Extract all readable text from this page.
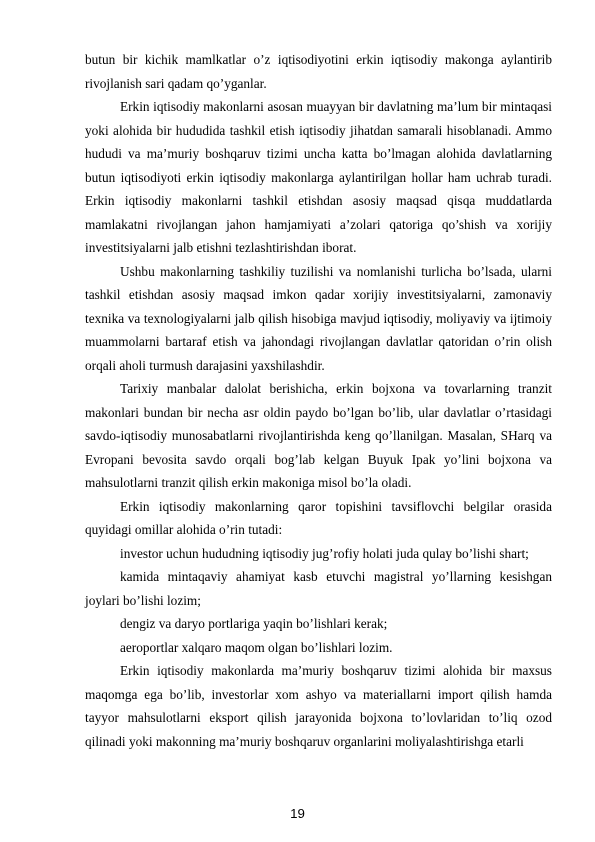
butun bir kichik mamlkatlar o’z iqtisodiyotini erkin iqtisodiy makonga aylantirib rivojlanish sari qadam qo’yganlar.

Erkin iqtisodiy makonlarni asosan muayyan bir davlatning ma’lum bir mintaqasi yoki alohida bir hududida tashkil etish iqtisodiy jihatdan samarali hisoblanadi. Ammo hududi va ma’muriy boshqaruv tizimi uncha katta bo’lmagan alohida davlatlarning butun iqtisodiyoti erkin iqtisodiy makonlarga aylantirilgan hollar ham uchrab turadi. Erkin iqtisodiy makonlarni tashkil etishdan asosiy maqsad qisqa muddatlarda mamlakatni rivojlangan jahon hamjamiyati a’zolari qatoriga qo’shish va xorijiy investitsiyalarni jalb etishni tezlashtirishdan iborat.

Ushbu makonlarning tashkiliy tuzilishi va nomlanishi turlicha bo’lsada, ularni tashkil etishdan asosiy maqsad imkon qadar xorijiy investitsiyalarni, zamonaviy texnika va texnologiyalarni jalb qilish hisobiga mavjud iqtisodiy, moliyaviy va ijtimoiy muammolarni bartaraf etish va jahondagi rivojlangan davlatlar qatoridan o’rin olish orqali aholi turmush darajasini yaxshilashdir.

Tarixiy manbalar dalolat berishicha, erkin bojxona va tovarlarning tranzit makonlari bundan bir necha asr oldin paydo bo’lgan bo’lib, ular davlatlar o’rtasidagi savdo-iqtisodiy munosabatlarni rivojlantirishda keng qo’llanilgan. Masalan, SHarq va Evropani bevosita savdo orqali bog’lab kelgan Buyuk Ipak yo’lini bojxona va mahsulotlarni tranzit qilish erkin makoniga misol bo’la oladi.

Erkin iqtisodiy makonlarning qaror topishini tavsiflovchi belgilar orasida quyidagi omillar alohida o’rin tutadi:

investor uchun hududning iqtisodiy jug’rofiy holati juda qulay bo’lishi shart;

kamida mintaqaviy ahamiyat kasb etuvchi magistral yo’llarning kesishgan joylari bo’lishi lozim;

dengiz va daryo portlariga yaqin bo’lishlari kerak;

aeroportlar xalqaro maqom olgan bo’lishlari lozim.

Erkin iqtisodiy makonlarda ma’muriy boshqaruv tizimi alohida bir maxsus maqomga ega bo’lib, investorlar xom ashyo va materiallarni import qilish hamda tayyor mahsulotlarni eksport qilish jarayonida bojxona to’lovlaridan to’liq ozod qilinadi yoki makonning ma’muriy boshqaruv organlarini moliyalashtirishga etarli

19
